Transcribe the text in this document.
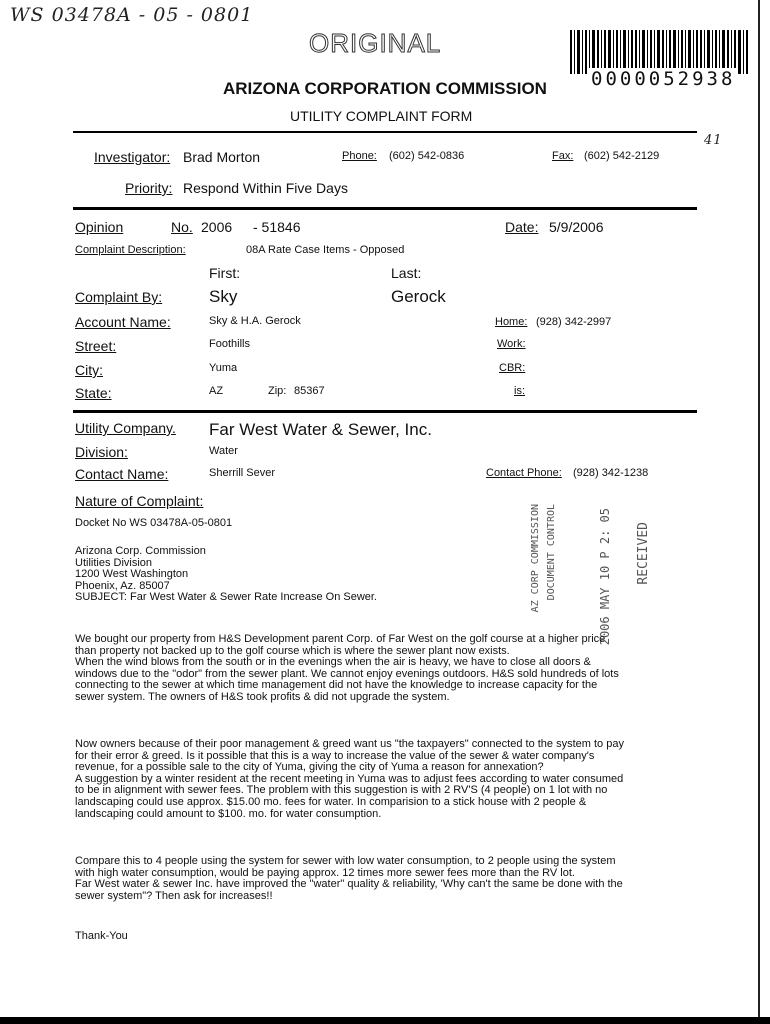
WS 03478A - 05 - 0801
ORIGINAL
0000052938
ARIZONA CORPORATION COMMISSION
UTILITY COMPLAINT FORM
41
Investigator: Brad Morton	Phone: (602) 542-0836	Fax: (602) 542-2129
Priority: Respond Within Five Days
Opinion	No. 2006 - 51846	Date: 5/9/2006
Complaint Description:	08A Rate Case Items - Opposed
First:	Last:
Complaint By:	Sky	Gerock
Account Name:	Sky & H.A. Gerock	Home: (928) 342-2997
Street:	Foothills	Work:
City:	Yuma	CBR:
State:	AZ	Zip: 85367	is:
Utility Company. Far West Water & Sewer, Inc.
Division:	Water
Contact Name:	Sherrill Sever	Contact Phone: (928) 342-1238
Nature of Complaint:
Docket No WS 03478A-05-0801
Arizona Corp. Commission
Utilities Division
1200 West Washington
Phoenix, Az. 85007
SUBJECT: Far West Water & Sewer Rate Increase On Sewer.	AZ CORP COMMISSION DOCUMENT CONTROL	2006 MAY 10 P 2: 05 RECEIVED
We bought our property from H&S Development parent Corp. of Far West on the golf course at a higher price
than property not backed up to the golf course which is where the sewer plant now exists.
When the wind blows from the south or in the evenings when the air is heavy, we have to close all doors &
windows due to the "odor" from the sewer plant. We cannot enjoy evenings outdoors. H&S sold hundreds of lots
connecting to the sewer at which time management did not have the knowledge to increase capacity for the
sewer system. The owners of H&S took profits & did not upgrade the system.
Now owners because of their poor management & greed want us "the taxpayers" connected to the system to pay
for their error & greed. Is it possible that this is a way to increase the value of the sewer & water company's
revenue, for a possible sale to the city of Yuma, giving the city of Yuma a reason for annexation?
A suggestion by a winter resident at the recent meeting in Yuma was to adjust fees according to water consumed
to be in alignment with sewer fees. The problem with this suggestion is with 2 RV'S (4 people) on 1 lot with no
landscaping could use approx. $15.00 mo. fees for water. In comparision to a stick house with 2 people &
landscaping could amount to $100. mo. for water consumption.
Compare this to 4 people using the system for sewer with low water consumption, to 2 people using the system
with high water consumption, would be paying approx. 12 times more sewer fees more than the RV lot.
Far West water & sewer Inc. have improved the "water" quality & reliability, 'Why can't the same be done with the
sewer system"? Then ask for increases!!
Thank-You
